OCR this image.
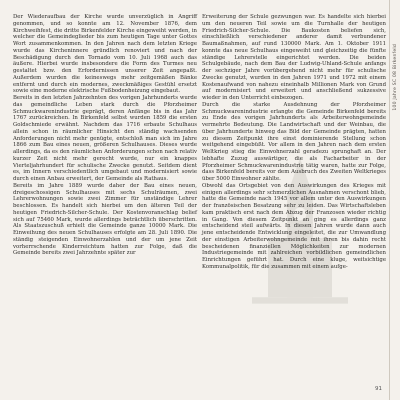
Der Wiederaufbau der Kirche wurde unverzüglich in Angriff genommen, und so konnte am 12. November 1876, dem Kirchweihfest, die dritte Birkenfelder Kirche eingeweiht werden, in welcher die Gemeindeglieder bis zum heutigen Tage unter Gottes Wort zusammenkommen. In den Jahren nach dem letzten Kriege wurde das Kircheninnere gründlich renoviert und nach der Beschädigung durch den Tornado vom 10. Juli 1968 auch das äußere. Hierbei wurde insbesondere die Form des Turmes neu gestaltet bzw. den Erfordernissen unserer Zeit angepaßt. Außerdem wurden die keineswegs mehr zeitgemäßen Bänke entfernt und durch ein modernes, zweckmäßiges Gestühl ersetzt sowie eine moderne elektrische Fußbodenheizung eingebaut.

Bereits in den letzten Jahrzehnten des vorigen Jahrhunderts wurde das gemeindliche Leben stark durch die Pforzheimer Schmuckwarenindustrie geprägt, deren Anfänge bis in das Jahr 1767 zurückreichen. In Birkenfeld selbst wurden 1859 die ersten Goldschmiede erwähnt. Nachdem das 1716 erbaute Schulhaus allein schon in räumlicher Hinsicht den ständig wachsenden Anforderungen nicht mehr genügte, entschloß man sich im Jahre 1866 zum Bau eines neuen, größeren Schulhauses. Dieses wurde allerdings, da es den räumlichen Anforderungen schon nach relativ kurzer Zeit nicht mehr gerecht wurde, nur ein knappes Vierteljahrhundert für schulische Zwecke genutzt. Seitdem dient es, im Innern verschiedentlich umgebaut und modernisiert sowie durch einen Anbau erweitert, der Gemeinde als Rathaus.

Bereits im Jahre 1889 wurde daher der Bau eines neuen, dreigeschossigen Schulhauses mit sechs Schulräumen, zwei Lehrerwohnungen sowie zwei Zimmer für unständige Lehrer beschlossen. Es handelt sich hierbei um den älteren Teil der heutigen Friedrich-Silcher-Schule. Der Kostenvoranschlag belief sich auf 75460 Mark, wurde allerdings beträchtlich überschritten. Als Staatszuschuß erhielt die Gemeinde ganze 10000 Mark. Die Einweihung des neuen Schulhauses erfolgte am 28. Juli 1890. Die ständig steigenden Einwohnerzahlen und der um jene Zeit vorherrschende Kinderreichtum hatten zur Folge, daß die Gemeinde bereits zwei Jahrzehnte später zur

Erweiterung der Schule gezwungen war. Es handelte sich hierbei um den neueren Teil sowie um die Turnhalle der heutigen Friedrich-Silcher-Schule. Die Baukosten beliefen sich, einschließlich verschiedener anderer damit verbundener Baumaßnahmen, auf rund 130000 Mark. Am 1. Oktober 1911 konnte das neue Schulhaus eingeweiht und gleichzeitig die fünfte ständige Lehrerstelle eingerichtet werden. Die beiden Schulgebäude, nach dem Bau der Ludwig-Uhland-Schule anfangs der sechziger Jahre vorübergehend nicht mehr für schulische Zwecke genutzt, wurden in den Jahren 1971 und 1972 mit einem Kostenaufwand von nahezu eineinhalb Millionen Mark von Grund auf modernisiert und erweitert und anschließend sukzessive wieder in den Unterricht einbezogen.

Durch die starke Ausdehnung der Pforzheimer Schmuckwarenindustrie erlangte die Gemeinde Birkenfeld bereits zu Ende des vorigen Jahrhunderts als Arbeiterwohngemeinde vermehrte Bedeutung. Die Landwirtschaft und der Weinbau, die über Jahrhunderte hinweg das Bild der Gemeinde prägten, hatten zu diesem Zeitpunkt ihre einst dominierende Stellung schon weitgehend eingebüßt. Vor allem in den Jahren nach dem ersten Weltkrieg stieg die Einwohnerzahl geradezu sprunghaft an. Der lebhafte Zuzug auswärtiger, die als Facharbeiter in der Pforzheimer Schmuckwarenindustrie tätig waren, hatte zur Folge, dass Birkenfeld bereits vor dem Ausbruch des Zweiten Weltkrieges über 5000 Einwohner zählte.

Obwohl das Ortsgebiet von den Auswirkungen des Krieges mit einigen allerdings sehr schmerzlichen Ausnahmen verschont blieb, hatte die Gemeinde nach 1945 vor allem unter den Auswirkungen der französischen Besatzung sehr zu leiden. Das Wirtschaftsleben kam praktisch erst nach dem Abzug der Franzosen wieder richtig in Gang. Von diesem Zeitpunkt an ging es allerdings ganz entscheidend steil aufwärts. In diesen Jahren wurde dann auch jene entscheidende Entwicklung eingeleitet, die zur Umwandlung der einstigen Arbeiterwohngemeinde mit ihren bis dahin recht bescheidenen finanziellen Möglichkeiten zur modernen Industriegemeinde mit zahlreichen vorbildlichen gemeindlichen Einrichtungen geführt hat. Durch eine kluge, weitsichtige Kommunalpolitik, für die zusammen mit einem aufge-

100 Jahre SC 08 Birkenfeld
91
